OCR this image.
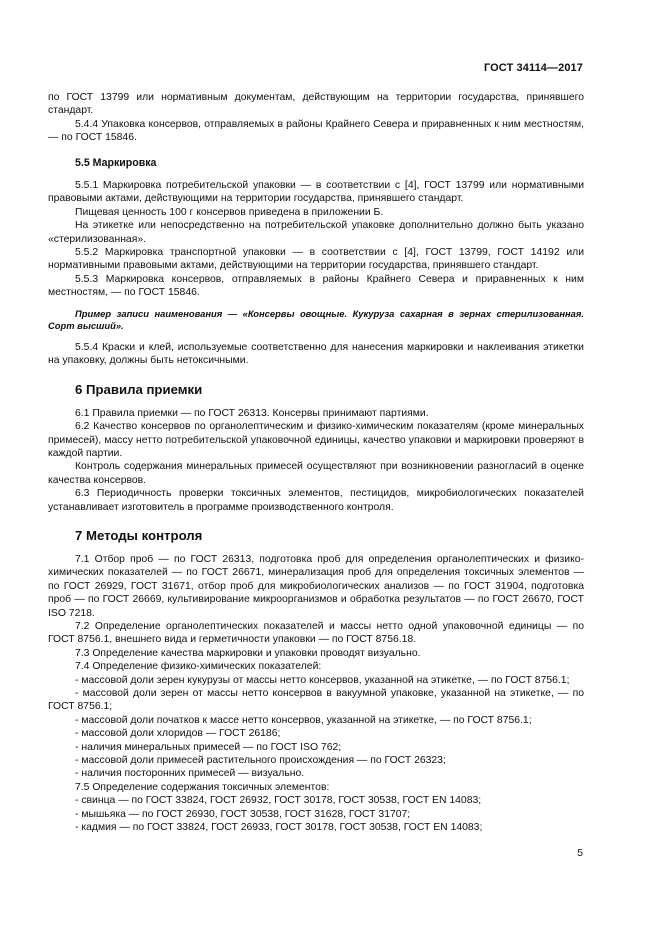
ГОСТ 34114—2017

по ГОСТ 13799 или нормативным документам, действующим на территории государства, принявшего стандарт.

5.4.4 Упаковка консервов, отправляемых в районы Крайнего Севера и приравненных к ним местностям, — по ГОСТ 15846.

5.5 Маркировка

5.5.1 Маркировка потребительской упаковки — в соответствии с [4], ГОСТ 13799 или нормативными правовыми актами, действующими на территории государства, принявшего стандарт.

Пищевая ценность 100 г консервов приведена в приложении Б.

На этикетке или непосредственно на потребительской упаковке дополнительно должно быть указано «стерилизованная».

5.5.2 Маркировка транспортной упаковки — в соответствии с [4], ГОСТ 13799, ГОСТ 14192 или нормативными правовыми актами, действующими на территории государства, принявшего стандарт.

5.5.3 Маркировка консервов, отправляемых в районы Крайнего Севера и приравненных к ним местностям, — по ГОСТ 15846.

Пример записи наименования — «Консервы овощные. Кукуруза сахарная в зернах стерилизованная. Сорт высший».

5.5.4 Краски и клей, используемые соответственно для нанесения маркировки и наклеивания этикетки на упаковку, должны быть нетоксичными.

6 Правила приемки

6.1 Правила приемки — по ГОСТ 26313. Консервы принимают партиями.

6.2 Качество консервов по органолептическим и физико-химическим показателям (кроме минеральных примесей), массу нетто потребительской упаковочной единицы, качество упаковки и маркировки проверяют в каждой партии.

Контроль содержания минеральных примесей осуществляют при возникновении разногласий в оценке качества консервов.

6.3 Периодичность проверки токсичных элементов, пестицидов, микробиологических показателей устанавливает изготовитель в программе производственного контроля.

7 Методы контроля

7.1 Отбор проб — по ГОСТ 26313, подготовка проб для определения органолептических и физико-химических показателей — по ГОСТ 26671, минерализация проб для определения токсичных элементов — по ГОСТ 26929, ГОСТ 31671, отбор проб для микробиологических анализов — по ГОСТ 31904, подготовка проб — по ГОСТ 26669, культивирование микроорганизмов и обработка результатов — по ГОСТ 26670, ГОСТ ISO 7218.

7.2 Определение органолептических показателей и массы нетто одной упаковочной единицы — по ГОСТ 8756.1, внешнего вида и герметичности упаковки — по ГОСТ 8756.18.

7.3 Определение качества маркировки и упаковки проводят визуально.

7.4 Определение физико-химических показателей:

- массовой доли зерен кукурузы от массы нетто консервов, указанной на этикетке, — по ГОСТ 8756.1;

- массовой доли зерен от массы нетто консервов в вакуумной упаковке, указанной на этикетке, — по ГОСТ 8756.1;

- массовой доли початков к массе нетто консервов, указанной на этикетке, — по ГОСТ 8756.1;

- массовой доли хлоридов — ГОСТ 26186;

- наличия минеральных примесей — по ГОСТ ISO 762;

- массовой доли примесей растительного происхождения — по ГОСТ 26323;

- наличия посторонних примесей — визуально.

7.5 Определение содержания токсичных элементов:

- свинца — по ГОСТ 33824, ГОСТ 26932, ГОСТ 30178, ГОСТ 30538, ГОСТ EN 14083;

- мышьяка — по ГОСТ 26930, ГОСТ 30538, ГОСТ 31628, ГОСТ 31707;

- кадмия — по ГОСТ 33824, ГОСТ 26933, ГОСТ 30178, ГОСТ 30538, ГОСТ EN 14083;

5
